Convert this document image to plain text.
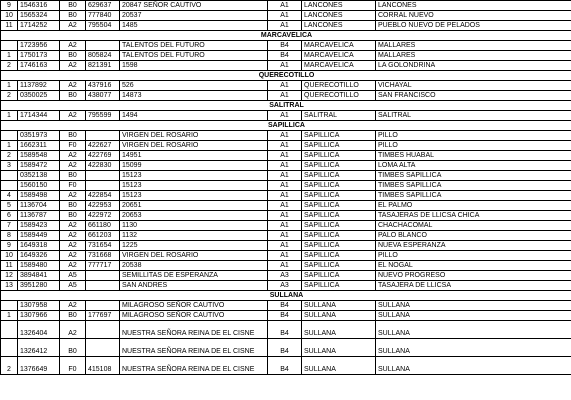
9	1546316	B0	629637	20847 SEÑOR CAUTIVO	A1	LANCONES	LANCONES	
10	1565324	B0	777840	20537	A1	LANCONES	CORRAL NUEVO	
11	1714252	A2	795504	1485	A1	LANCONES	PUEBLO NUEVO DE PELADOS	
MARCAVELICA								
	1723956	A2		TALENTOS DEL FUTURO	B4	MARCAVELICA	MALLARES	
1	1750173	B0	805824	TALENTOS DEL FUTURO	B4	MARCAVELICA	MALLARES	
2	1746163	A2	821391	1598	A1	MARCAVELICA	LA GOLONDRINA	
QUERECOTILLO								
1	1137892	A2	437916	526	A1	QUERECOTILLO	VICHAYAL	
2	0350025	B0	438077	14873	A1	QUERECOTILLO	SAN FRANCISCO	
SALITRAL								
1	1714344	A2	795599	1494	A1	SALITRAL	SALITRAL	
SAPILLICA								
	0351973	B0		VIRGEN DEL ROSARIO	A1	SAPILLICA	PILLO	
1	1662311	F0	422627	VIRGEN DEL ROSARIO	A1	SAPILLICA	PILLO	
2	1589548	A2	422769	14951	A1	SAPILLICA	TIMBES HUABAL	
3	1589472	A2	422830	15099	A1	SAPILLICA	LOMA ALTA	
	0352138	B0		15123	A1	SAPILLICA	TIMBES SAPILLICA	
	1560150	F0		15123	A1	SAPILLICA	TIMBES SAPILLICA	
4	1589498	A2	422854	15123	A1	SAPILLICA	TIMBES SAPILLICA	
5	1136704	B0	422953	20651	A1	SAPILLICA	EL PALMO	
6	1136787	B0	422972	20653	A1	SAPILLICA	TASAJERAS DE LLICSA CHICA	
7	1589423	A2	661180	1130	A1	SAPILLICA	CHACHACOMAL	
8	1589449	A2	661203	1132	A1	SAPILLICA	PALO BLANCO	
9	1649318	A2	731654	1225	A1	SAPILLICA	NUEVA ESPERANZA	
10	1649326	A2	731668	VIRGEN DEL ROSARIO	A1	SAPILLICA	PILLO	
11	1589480	A2	777717	20538	A1	SAPILLICA	EL NOGAL	
12	3894841	A5		SEMILLITAS DE ESPERANZA	A3	SAPILLICA	NUEVO PROGRESO	
13	3951280	A5		SAN ANDRES	A3	SAPILLICA	TASAJERA DE LLICSA	
SULLANA								
	1307958	A2		MILAGROSO SEÑOR CAUTIVO	B4	SULLANA	SULLANA	
1	1307966	B0	177697	MILAGROSO SEÑOR CAUTIVO	B4	SULLANA	SULLANA	
	1326404	A2		NUESTRA SEÑORA REINA DE EL CISNE	B4	SULLANA	SULLANA	
	1326412	B0		NUESTRA SEÑORA REINA DE EL CISNE	B4	SULLANA	SULLANA	
2	1376649	F0	415108	NUESTRA SEÑORA REINA DE EL CISNE	B4	SULLANA	SULLANA	
